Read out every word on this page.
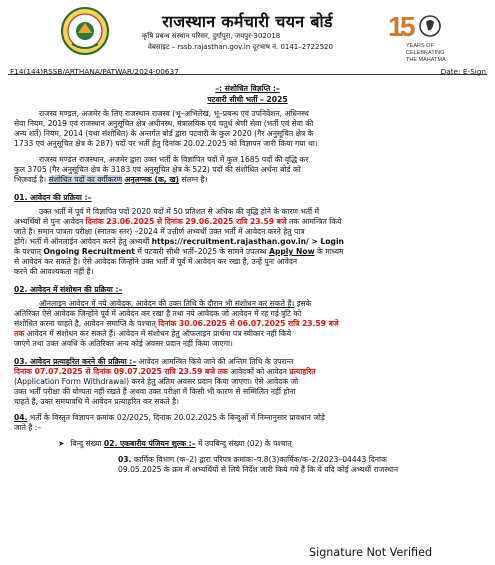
राजस्थान कर्मचारी चयन बोर्ड
कृषि प्रबन्ध संस्थान परिसर, दुर्गापुरा, जयपुर-302018
वेबसाइट – rssb.rajasthan.gov.in दूरभाष नं. 0141–2722520
1
5
YEARS OF
CELEBRATING
THE MAHATMA
F14(144)RSSB/ARTHANA/PATWAR/2024-00637	Date: E-Sign
–: संशोधित विज्ञप्ति :–
पटवारी सीधी भर्ती – 2025
राजस्व मण्डल, अजमेर के लिए राजस्थान राजस्व (भू–अभिलेख, भू–प्रबन्ध एवं उपनिवेशन, अधिनस्थ
सेवा नियम, 2019 एवं राजस्थान अनुसूचित क्षेत्र अधीनस्थ, मंत्रालयिक एवं चतुर्थ श्रेणी सेवा (भर्ती एवं सेवा की
अन्य शर्ते) नियम, 2014 (यथा संशोधित) के अन्तर्गत बोर्ड द्वारा पटवारी के कुल 2020 (गैर अनुसूचित क्षेत्र के
1733 एवं अनुसूचित क्षेत्र के 287) पदों पर भर्ती हेतु दिनांक 20.02.2025 को विज्ञापन जारी किया गया था।
राजस्व मण्डल राजस्थान, अजमेर द्वारा उक्त भर्ती के विज्ञापित पदों में कुल 1685 पदों की वृद्धि कर
कुल 3705 (गैर अनुसूचित क्षेत्र के 3183 एवं अनुसूचित क्षेत्र के 522) पदों की संशोधित अर्थना बोर्ड को
भिजवाई है। संशोधित पदों का वर्गीकरण अनुलग्नक (क, ख) संलग्न है।
01. आवेदन की प्रक्रिया :–
उक्त भर्ती में पूर्व में विज्ञापित पदों 2020 पदों में 50 प्रतिशत से अधिक की वृद्धि होने के कारण भर्ती में
अभ्यर्थियों से पुनः आवेदन दिनांक 23.06.2025 से दिनांक 29.06.2025 रात्रि 23.59 बजे तक आमन्त्रित किये
जाते है। समान पात्रता परीक्षा (स्नातक स्तर) –2024 में उत्तीर्ण अभ्यर्थी उक्त भर्ती में आवेदन करने हेतु पात्र
होंगे। भर्ती में ऑनलाईन आवेदन करने हेतु अभ्यर्थी https://recruitment.rajasthan.gov.in/ > Login
के पश्चात् Ongoing Recruitment में पटवारी सीधी भर्ती–2025 के सामने उपलब्ध Apply Now के माध्यम
से आवेदन कर सकते है। ऐसे आवेदक जिन्होंने उक्त भर्ती में पूर्व में आवेदन कर रखा है, उन्हें पुनः आवेदन
करने की आवश्यकता नहीं है।
02. आवेदन में संशोधन की प्रक्रिया :–
ऑनलाइन आवेदन में नये आवेदक, आवेदन की उक्त तिथि के दौरान भी संशोधन कर सकते हैं। इसके
अतिरिक्त ऐसे आवेदक जिन्होंने पूर्व में आवेदन कर रखा है तथा नये आवेदक जो आवेदन में रह गई त्रुटि को
संशोधित करना चाहते है, आवेदन समाप्ति के पश्चात् दिनांक 30.06.2025 से 06.07.2025 रात्रि 23.59 बजे
तक आवेदन में संशोधन कर सकते हैं। आवेदन में संशोधन हेतु ऑफलाइन प्रार्थना पत्र स्वीकार नहीं किये
जाएंगे तथा उक्त अवधि के अतिरिक्त अन्य कोई अवसर प्रदान नहीं किया जाएगा।
03. आवेदन प्रत्याहरित करने की प्रक्रिया :– आवेदन आमन्त्रित किये जाने की अन्तिम तिथि के उपरान्त
दिनांक 07.07.2025 से दिनांक 09.07.2025 रात्रि 23.59 बजे तक आवेदकों को आवेदन प्रत्याहरित
(Application Form Withdrawal) करने हेतु अंतिम अवसर प्रदान किया जाएगा। ऐसे आवेदक जो
उक्त भर्ती परीक्षा की योग्यता नहीं रखते हैं अथवा उक्त परीक्षा में किसी भी कारण से सम्मिलित नहीं होना
चाहते है, उक्त समयावधि में आवेदन प्रत्याहरित कर सकते है।
04. भर्ती के विस्तृत विज्ञापन क्रमांक 02/2025, दिनांक 20.02.2025 के बिन्दुओं में निम्नानुसार प्रावधान जोड़े
जाते है :–
➤ बिन्दु संख्या 02. एकबारीय पंजियन शुल्क :– में उपबिन्दु संख्या (02) के पश्चात्
03. कार्मिक विभाग (क–2) द्वारा परिपत्र क्रमांकः–प.8(3)कार्मिक/क–2/2023–04443 दिनांक
09.05.2025 के क्रम में अभ्यर्थियों से लिये निर्देश जारी किये गये हैं कि वे यदि कोई अभ्यर्थी राजस्थान
Signature Not Verified
